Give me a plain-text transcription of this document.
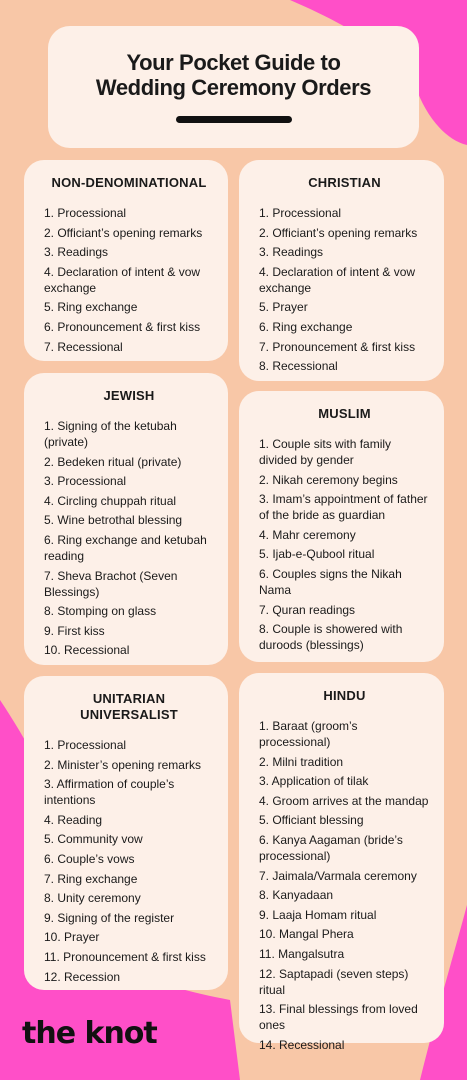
Your Pocket Guide to
Wedding Ceremony Orders
NON-DENOMINATIONAL
1. Processional
2. Officiant’s opening remarks
3. Readings
4. Declaration of intent & vow exchange
5. Ring exchange
6. Pronouncement & first kiss
7. Recessional
CHRISTIAN
1. Processional
2. Officiant’s opening remarks
3. Readings
4. Declaration of intent & vow exchange
5. Prayer
6. Ring exchange
7. Pronouncement & first kiss
8. Recessional
JEWISH
1. Signing of the ketubah (private)
2. Bedeken ritual (private)
3. Processional
4. Circling chuppah ritual
5. Wine betrothal blessing
6. Ring exchange and ketubah reading
7. Sheva Brachot (Seven Blessings)
8. Stomping on glass
9. First kiss
10. Recessional
MUSLIM
1. Couple sits with family divided by gender
2. Nikah ceremony begins
3. Imam’s appointment of father of the bride as guardian
4. Mahr ceremony
5. Ijab-e-Qubool ritual
6. Couples signs the Nikah Nama
7. Quran readings
8. Couple is showered with duroods (blessings)
UNITARIAN UNIVERSALIST
1. Processional
2. Minister’s opening remarks
3. Affirmation of couple’s intentions
4. Reading
5. Community vow
6. Couple’s vows
7. Ring exchange
8. Unity ceremony
9. Signing of the register
10. Prayer
11. Pronouncement & first kiss
12. Recession
HINDU
1. Baraat (groom’s processional)
2. Milni tradition
3. Application of tilak
4. Groom arrives at the mandap
5. Officiant blessing
6. Kanya Aagaman (bride’s processional)
7. Jaimala/Varmala ceremony
8. Kanyadaan
9. Laaja Homam ritual
10. Mangal Phera
11. Mangalsutra
12. Saptapadi (seven steps) ritual
13. Final blessings from loved ones
14. Recessional
the knot
